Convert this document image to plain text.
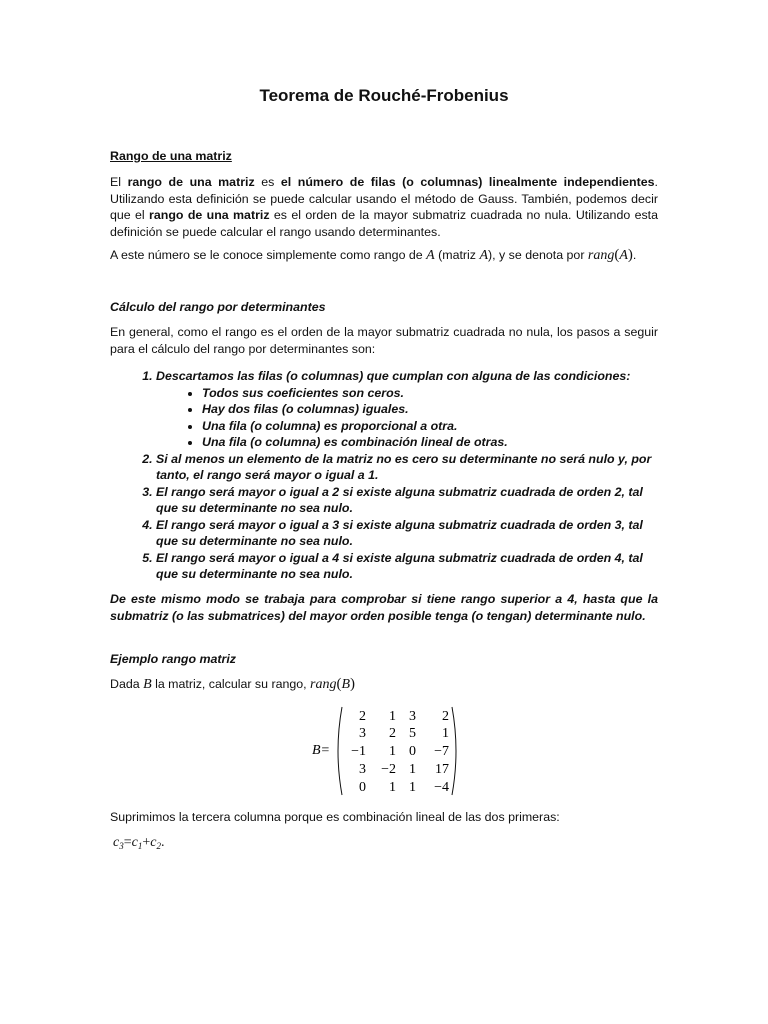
Teorema de Rouché-Frobenius

Rango de una matriz

El rango de una matriz es el número de filas (o columnas) linealmente independientes. Utilizando esta definición se puede calcular usando el método de Gauss. También, podemos decir que el rango de una matriz es el orden de la mayor submatriz cuadrada no nula. Utilizando esta definición se puede calcular el rango usando determinantes.

A este número se le conoce simplemente como rango de A (matriz A), y se denota por rang(A).

Cálculo del rango por determinantes

En general, como el rango es el orden de la mayor submatriz cuadrada no nula, los pasos a seguir para el cálculo del rango por determinantes son:

1. Descartamos las filas (o columnas) que cumplan con alguna de las condiciones:
• Todos sus coeficientes son ceros.
• Hay dos filas (o columnas) iguales.
• Una fila (o columna) es proporcional a otra.
• Una fila (o columna) es combinación lineal de otras.
2. Si al menos un elemento de la matriz no es cero su determinante no será nulo y, por tanto, el rango será mayor o igual a 1.
3. El rango será mayor o igual a 2 si existe alguna submatriz cuadrada de orden 2, tal que su determinante no sea nulo.
4. El rango será mayor o igual a 3 si existe alguna submatriz cuadrada de orden 3, tal que su determinante no sea nulo.
5. El rango será mayor o igual a 4 si existe alguna submatriz cuadrada de orden 4, tal que su determinante no sea nulo.

De este mismo modo se trabaja para comprobar si tiene rango superior a 4, hasta que la submatriz (o las submatrices) del mayor orden posible tenga (o tengan) determinante nulo.

Ejemplo rango matriz

Dada B la matriz, calcular su rango, rang(B)

B=
2 1 3 2
3 2 5 1
−1 1 0 −7
3 −2 1 17
0 1 1 −4

Suprimimos la tercera columna porque es combinación lineal de las dos primeras:

$c_3=c_1+c_2$.
